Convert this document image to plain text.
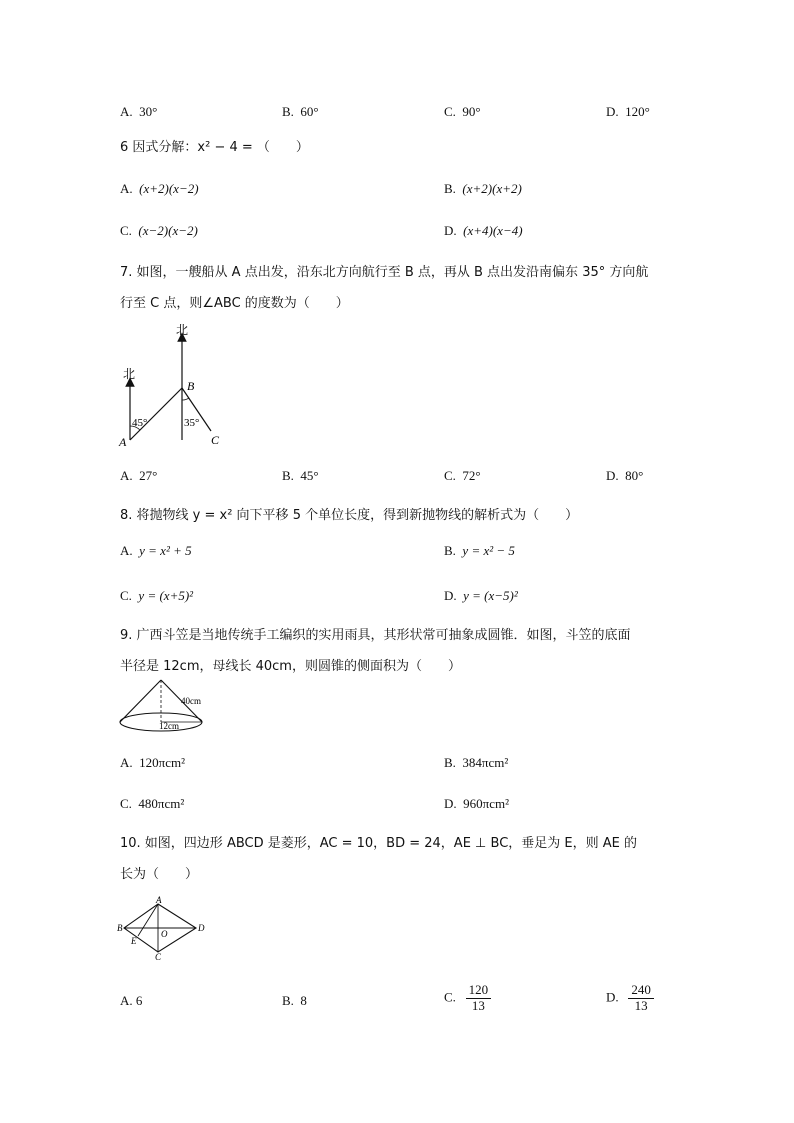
A. 30°	B. 60°	C. 90°	D. 120°
6 因式分解：x² − 4 = （　　）
A. (x+2)(x−2)	B. (x+2)(x+2)
C. (x−2)(x−2)	D. (x+4)(x−4)
7. 如图，一艘船从 A 点出发，沿东北方向航行至 B 点，再从 B 点出发沿南偏东 35° 方向航
行至 C 点，则∠ABC 的度数为（　　）
北
北
A
B
C
45°	35°
A. 27°	B. 45°	C. 72°	D. 80°
8. 将抛物线 y = x² 向下平移 5 个单位长度，得到新抛物线的解析式为（　　）
A. y = x² + 5	B. y = x² − 5
C. y = (x+5)²	D. y = (x−5)²
9. 广西斗笠是当地传统手工编织的实用雨具，其形状常可抽象成圆锥．如图，斗笠的底面
半径是 12cm，母线长 40cm，则圆锥的侧面积为（　　）
40cm
12cm
A. 120πcm²	B. 384πcm²
C. 480πcm²	D. 960πcm²
10. 如图，四边形 ABCD 是菱形，AC = 10，BD = 24，AE ⊥ BC，垂足为 E，则 AE 的
长为（　　）
A
B
C
D
E
O
A. 6	B. 8	C. $\frac{120}{13}$	D. $\frac{240}{13}$
